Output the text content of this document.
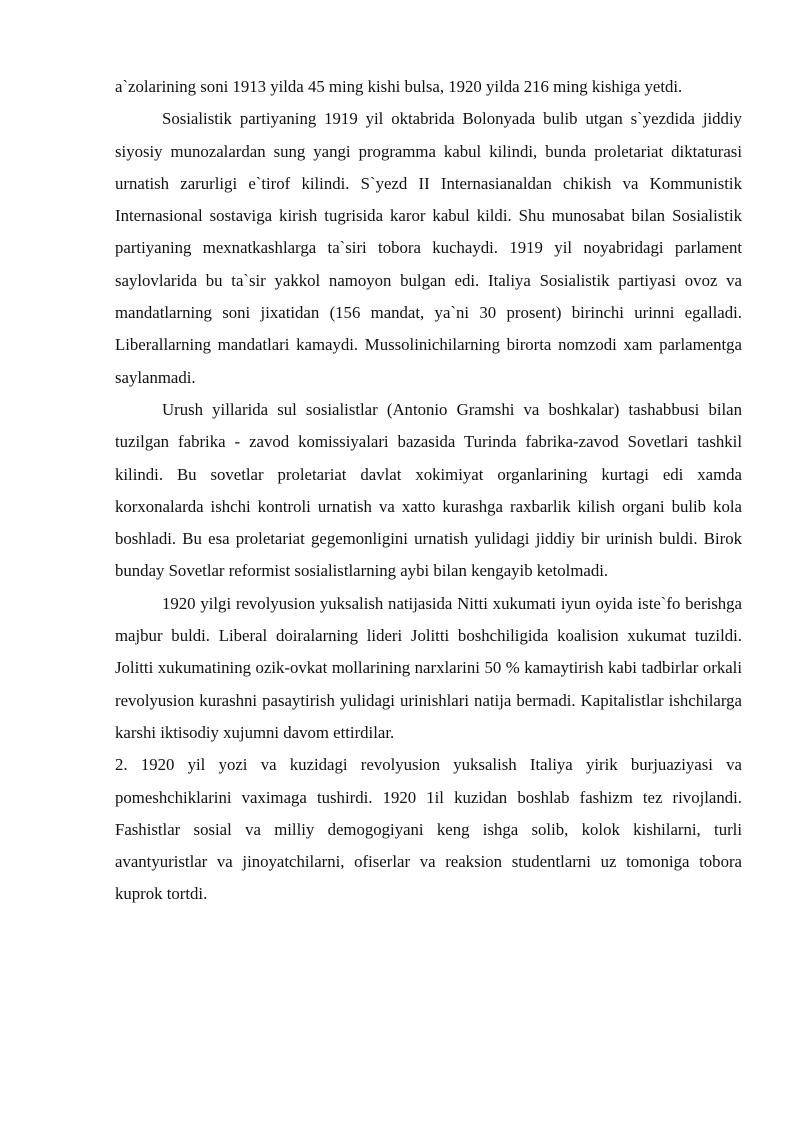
a`zolarining soni 1913 yilda 45 ming kishi bulsa, 1920 yilda 216 ming kishiga yetdi.

Sosialistik partiyaning 1919 yil oktabrida Bolonyada bulib utgan s`yezdida jiddiy siyosiy munozalardan sung yangi programma kabul kilindi, bunda proletariat diktaturasi urnatish zarurligi e`tirof kilindi. S`yezd II Internasianaldan chikish va Kommunistik Internasional sostaviga kirish tugrisida karor kabul kildi. Shu munosabat bilan Sosialistik partiyaning mexnatkashlarga ta`siri tobora kuchaydi. 1919 yil noyabridagi parlament saylovlarida bu ta`sir yakkol namoyon bulgan edi. Italiya Sosialistik partiyasi ovoz va mandatlarning soni jixatidan (156 mandat, ya`ni 30 prosent) birinchi urinni egalladi. Liberallarning mandatlari kamaydi. Mussolinichilarning birorta nomzodi xam parlamentga saylanmadi.

Urush yillarida sul sosialistlar (Antonio Gramshi va boshkalar) tashabbusi bilan tuzilgan fabrika - zavod komissiyalari bazasida Turinda fabrika-zavod Sovetlari tashkil kilindi. Bu sovetlar proletariat davlat xokimiyat organlarining kurtagi edi xamda korxonalarda ishchi kontroli urnatish va xatto kurashga raxbarlik kilish organi bulib kola boshladi. Bu esa proletariat gegemonligini urnatish yulidagi jiddiy bir urinish buldi. Birok bunday Sovetlar reformist sosialistlarning aybi bilan kengayib ketolmadi.

1920 yilgi revolyusion yuksalish natijasida Nitti xukumati iyun oyida iste`fo berishga majbur buldi. Liberal doiralarning lideri Jolitti boshchiligida koalision xukumat tuzildi. Jolitti xukumatining ozik-ovkat mollarining narxlarini 50 % kamaytirish kabi tadbirlar orkali revolyusion kurashni pasaytirish yulidagi urinishlari natija bermadi. Kapitalistlar ishchilarga karshi iktisodiy xujumni davom ettirdilar.

2. 1920 yil yozi va kuzidagi revolyusion yuksalish Italiya yirik burjuaziyasi va pomeshchiklarini vaximaga tushirdi. 1920 1il kuzidan boshlab fashizm tez rivojlandi. Fashistlar sosial va milliy demogogiyani keng ishga solib, kolok kishilarni, turli avantyuristlar va jinoyatchilarni, ofiserlar va reaksion studentlarni uz tomoniga tobora kuprok tortdi.
